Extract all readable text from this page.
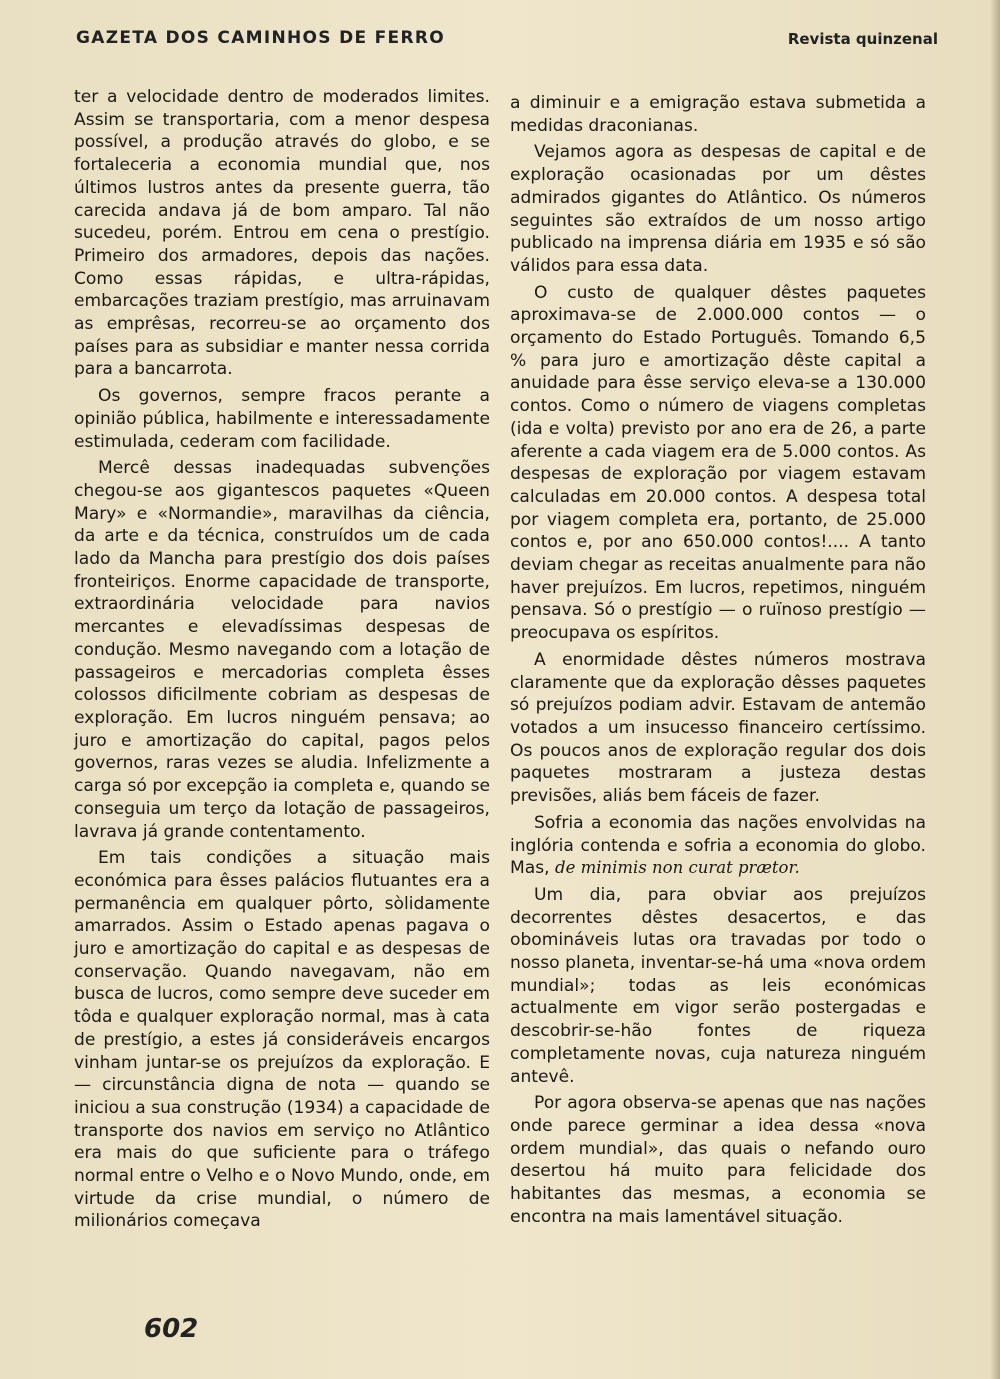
GAZETA DOS CAMINHOS DE FERRO	Revista quinzenal

ter a velocidade dentro de moderados limites. Assim se transportaria, com a menor despesa possível, a produção através do globo, e se fortaleceria a economia mundial que, nos últimos lustros antes da presente guerra, tão carecida andava já de bom amparo. Tal não sucedeu, porém. Entrou em cena o prestígio. Primeiro dos armadores, depois das nações. Como essas rápidas, e ultra-rápidas, embarcações traziam prestígio, mas arruinavam as emprêsas, recorreu-se ao orçamento dos países para as subsidiar e manter nessa corrida para a bancarrota.

Os governos, sempre fracos perante a opinião pública, habilmente e interessadamente estimulada, cederam com facilidade.

Mercê dessas inadequadas subvenções chegou-se aos gigantescos paquetes «Queen Mary» e «Normandie», maravilhas da ciência, da arte e da técnica, construídos um de cada lado da Mancha para prestígio dos dois países fronteiriços. Enorme capacidade de transporte, extraordinária velocidade para navios mercantes e elevadíssimas despesas de condução. Mesmo navegando com a lotação de passageiros e mercadorias completa êsses colossos dificilmente cobriam as despesas de exploração. Em lucros ninguém pensava; ao juro e amortização do capital, pagos pelos governos, raras vezes se aludia. Infelizmente a carga só por excepção ia completa e, quando se conseguia um terço da lotação de passageiros, lavrava já grande contentamento.

Em tais condições a situação mais económica para êsses palácios flutuantes era a permanência em qualquer pôrto, sòlidamente amarrados. Assim o Estado apenas pagava o juro e amortização do capital e as despesas de conservação. Quando navegavam, não em busca de lucros, como sempre deve suceder em tôda e qualquer exploração normal, mas à cata de prestígio, a estes já consideráveis encargos vinham juntar-se os prejuízos da exploração. E — circunstância digna de nota — quando se iniciou a sua construção (1934) a capacidade de transporte dos navios em serviço no Atlântico era mais do que suficiente para o tráfego normal entre o Velho e o Novo Mundo, onde, em virtude da crise mundial, o número de milionários começava

a diminuir e a emigração estava submetida a medidas draconianas.

Vejamos agora as despesas de capital e de exploração ocasionadas por um dêstes admirados gigantes do Atlântico. Os números seguintes são extraídos de um nosso artigo publicado na imprensa diária em 1935 e só são válidos para essa data.

O custo de qualquer dêstes paquetes aproximava-se de 2.000.000 contos — o orçamento do Estado Português. Tomando 6,5 % para juro e amortização dêste capital a anuidade para êsse serviço eleva-se a 130.000 contos. Como o número de viagens completas (ida e volta) previsto por ano era de 26, a parte aferente a cada viagem era de 5.000 contos. As despesas de exploração por viagem estavam calculadas em 20.000 contos. A despesa total por viagem completa era, portanto, de 25.000 contos e, por ano 650.000 contos!.... A tanto deviam chegar as receitas anualmente para não haver prejuízos. Em lucros, repetimos, ninguém pensava. Só o prestígio — o ruïnoso prestígio — preocupava os espíritos.

A enormidade dêstes números mostrava claramente que da exploração dêsses paquetes só prejuízos podiam advir. Estavam de antemão votados a um insucesso financeiro certíssimo. Os poucos anos de exploração regular dos dois paquetes mostraram a justeza destas previsões, aliás bem fáceis de fazer.

Sofria a economia das nações envolvidas na inglória contenda e sofria a economia do globo. Mas, de minimis non curat prætor.

Um dia, para obviar aos prejuízos decorrentes dêstes desacertos, e das obomináveis lutas ora travadas por todo o nosso planeta, inventar-se-há uma «nova ordem mundial»; todas as leis económicas actualmente em vigor serão postergadas e descobrir-se-hão fontes de riqueza completamente novas, cuja natureza ninguém antevê.

Por agora observa-se apenas que nas nações onde parece germinar a idea dessa «nova ordem mundial», das quais o nefando ouro desertou há muito para felicidade dos habitantes das mesmas, a economia se encontra na mais lamentável situação.

602
